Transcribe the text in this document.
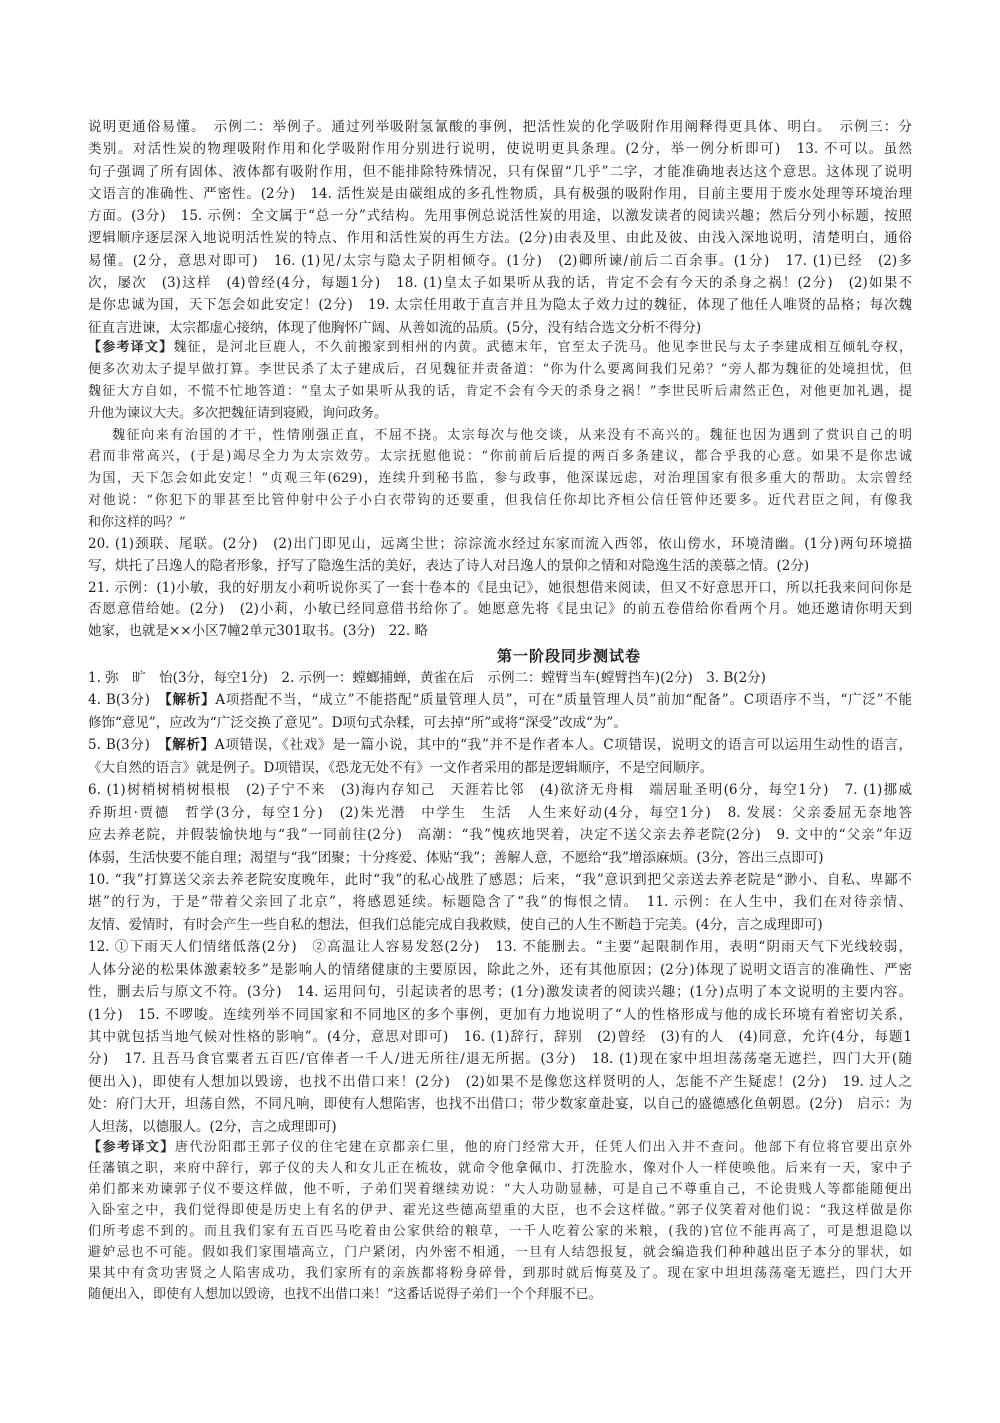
说明更通俗易懂。　示例二：举例子。通过列举吸附氢氰酸的事例，把活性炭的化学吸附作用阐释得更具体、明白。　示例三：分
类别。对活性炭的物理吸附作用和化学吸附作用分别进行说明，使说明更具条理。(2分，举一例分析即可)　13. 不可以。虽然
句子强调了所有固体、液体都有吸附作用，但不能排除特殊情况，只有保留“几乎”二字，才能准确地表达这个意思。这体现了说明
文语言的准确性、严密性。(2分)　14. 活性炭是由碳组成的多孔性物质，具有极强的吸附作用，目前主要用于废水处理等环境治理
方面。(3分)　15. 示例：全文属于“总一分”式结构。先用事例总说活性炭的用途，以激发读者的阅读兴趣；然后分列小标题，按照
逻辑顺序逐层深入地说明活性炭的特点、作用和活性炭的再生方法。(2分)由表及里、由此及彼、由浅入深地说明，清楚明白，通俗
易懂。(2分，意思对即可)　16. (1)见/太宗与隐太子阴相倾夺。(1分)　(2)卿所谏/前后二百余事。(1分)　17. (1)已经　(2)多
次，屡次　(3)这样　(4)曾经(4分，每题1分)　18. (1)皇太子如果听从我的话，肯定不会有今天的杀身之祸！(2分)　(2)如果不
是你忠诚为国，天下怎会如此安定！(2分)　19. 太宗任用敢于直言并且为隐太子效力过的魏征，体现了他任人唯贤的品格；每次魏
征直言进谏，太宗都虚心接纳，体现了他胸怀广阔、从善如流的品质。(5分，没有结合选文分析不得分)
【参考译文】魏征，是河北巨鹿人，不久前搬家到相州的内黄。武德末年，官至太子洗马。他见李世民与太子李建成相互倾轧夺权，
便多次劝太子提早做打算。李世民杀了太子建成后，召见魏征并责备道：“你为什么要离间我们兄弟？”旁人都为魏征的处境担忧，但
魏征大方自如，不慌不忙地答道：“皇太子如果听从我的话，肯定不会有今天的杀身之祸！”李世民听后肃然正色，对他更加礼遇，提
升他为谏议大夫。多次把魏征请到寝殿，询问政务。
魏征向来有治国的才干，性情刚强正直，不屈不挠。太宗每次与他交谈，从来没有不高兴的。魏征也因为遇到了赏识自己的明
君而非常高兴，(于是)竭尽全力为太宗效劳。太宗抚慰他说：“你前前后后提的两百多条建议，都合乎我的心意。如果不是你忠诚
为国，天下怎会如此安定！”贞观三年(629)，连续升到秘书监，参与政事，他深谋远虑，对治理国家有很多重大的帮助。太宗曾经
对他说：“你犯下的罪甚至比管仲射中公子小白衣带钩的还要重，但我信任你却比齐桓公信任管仲还要多。近代君臣之间，有像我
和你这样的吗？”
20. (1)颈联、尾联。(2分)　(2)出门即见山，远离尘世；淙淙流水经过东家而流入西邻，依山傍水，环境清幽。(1分)两句环境描
写，烘托了吕逸人的隐者形象，抒写了隐逸生活的美好，表达了诗人对吕逸人的景仰之情和对隐逸生活的羡慕之情。(2分)
21. 示例：(1)小敏，我的好朋友小莉听说你买了一套十卷本的《昆虫记》，她很想借来阅读，但又不好意思开口，所以托我来问问你是
否愿意借给她。(2分)　(2)小莉，小敏已经同意借书给你了。她愿意先将《昆虫记》的前五卷借给你看两个月。她还邀请你明天到
她家，也就是××小区7幢2单元301取书。(3分)　22. 略
第一阶段同步测试卷
1. 弥　旷　怡(3分，每空1分)　2. 示例一：螳螂捕蝉，黄雀在后　示例二：螳臂当车(螳臂挡车)(2分)　3. B(2分)
4. B(3分)　【解析】A项搭配不当，“成立”不能搭配“质量管理人员”，可在“质量管理人员”前加“配备”。C项语序不当，“广泛”不能
修饰“意见”，应改为“广泛交换了意见”。D项句式杂糅，可去掉“所”或将“深受”改成“为”。
5. B(3分)　【解析】A项错误，《社戏》是一篇小说，其中的“我”并不是作者本人。C项错误，说明文的语言可以运用生动性的语言，
《大自然的语言》就是例子。D项错误，《恐龙无处不有》一文作者采用的都是逻辑顺序，不是空间顺序。
6. (1)树梢树梢树根根　(2)子宁不来　(3)海内存知己　天涯若比邻　(4)欲济无舟楫　端居耻圣明(6分，每空1分)　7. (1)挪威
乔斯坦·贾德　哲学(3分，每空1分)　(2)朱光潜　中学生　生活　人生来好动(4分，每空1分)　8. 发展：父亲委屈无奈地答
应去养老院，并假装愉快地与“我”一同前往(2分)　高潮：“我”愧疚地哭着，决定不送父亲去养老院(2分)　9. 文中的“父亲”年迈
体弱，生活快要不能自理；渴望与“我”团聚；十分疼爱、体贴“我”；善解人意，不愿给“我”增添麻烦。(3分，答出三点即可)
10. “我”打算送父亲去养老院安度晚年，此时“我”的私心战胜了感恩；后来，“我”意识到把父亲送去养老院是“渺小、自私、卑鄙不
堪”的行为，于是“带着父亲回了北京”，将感恩延续。标题隐含了“我”的悔恨之情。　11. 示例：在人生中，我们在对待亲情、
友情、爱情时，有时会产生一些自私的想法，但我们总能完成自我救赎，使自己的人生不断趋于完美。(4分，言之成理即可)
12. ①下雨天人们情绪低落(2分)　②高温让人容易发怒(2分)　13. 不能删去。“主要”起限制作用，表明“阴雨天气下光线较弱，
人体分泌的松果体激素较多”是影响人的情绪健康的主要原因，除此之外，还有其他原因；(2分)体现了说明文语言的准确性、严密
性，删去后与原文不符。(3分)　14. 运用问句，引起读者的思考；(1分)激发读者的阅读兴趣；(1分)点明了本文说明的主要内容。
(1分)　15. 不啰唆。连续列举不同国家和不同地区的多个事例，更加有力地说明了“人的性格形成与他的成长环境有着密切关系，
其中就包括当地气候对性格的影响”。(4分，意思对即可)　16. (1)辞行，辞别　(2)曾经　(3)有的人　(4)同意，允许(4分，每题1
分)　17. 且吾马食官粟者五百匹/官俸者一千人/进无所往/退无所据。(3分)　18. (1)现在家中坦坦荡荡毫无遮拦，四门大开(随
便出入)，即使有人想加以毁谤，也找不出借口来！(2分)　(2)如果不是像您这样贤明的人，怎能不产生疑虑！(2分)　19. 过人之
处：府门大开，坦荡自然，不同凡响，即使有人想陷害，也找不出借口；带少数家童赴宴，以自己的盛德感化鱼朝恩。(2分)　启示：为
人坦荡，以德服人。(2分，言之成理即可)
【参考译文】唐代汾阳郡王郭子仪的住宅建在京都亲仁里，他的府门经常大开，任凭人们出入并不查问。他部下有位将官要出京外
任藩镇之职，来府中辞行，郭子仪的夫人和女儿正在梳妆，就命令他拿佩巾、打洗脸水，像对仆人一样使唤他。后来有一天，家中子
弟们都来劝谏郭子仪不要这样做，他不听，子弟们哭着继续劝说：“大人功勋显赫，可是自己不尊重自己，不论贵贱人等都能随便出
入卧室之中，我们觉得即使是历史上有名的伊尹、霍光这些德高望重的大臣，也不会这样做。”郭子仪笑着对他们说：“我这样做是你
们所考虑不到的。而且我们家有五百匹马吃着由公家供给的粮草，一千人吃着公家的米粮，(我的)官位不能再高了，可是想退隐以
避妒忌也不可能。假如我们家围墙高立，门户紧闭，内外密不相通，一旦有人结怨报复，就会编造我们种种越出臣子本分的罪状，如
果其中有贪功害贤之人陷害成功，我们家所有的亲族都将粉身碎骨，到那时就后悔莫及了。现在家中坦坦荡荡毫无遮拦，四门大开
随便出入，即使有人想加以毁谤，也找不出借口来！”这番话说得子弟们一个个拜服不已。
